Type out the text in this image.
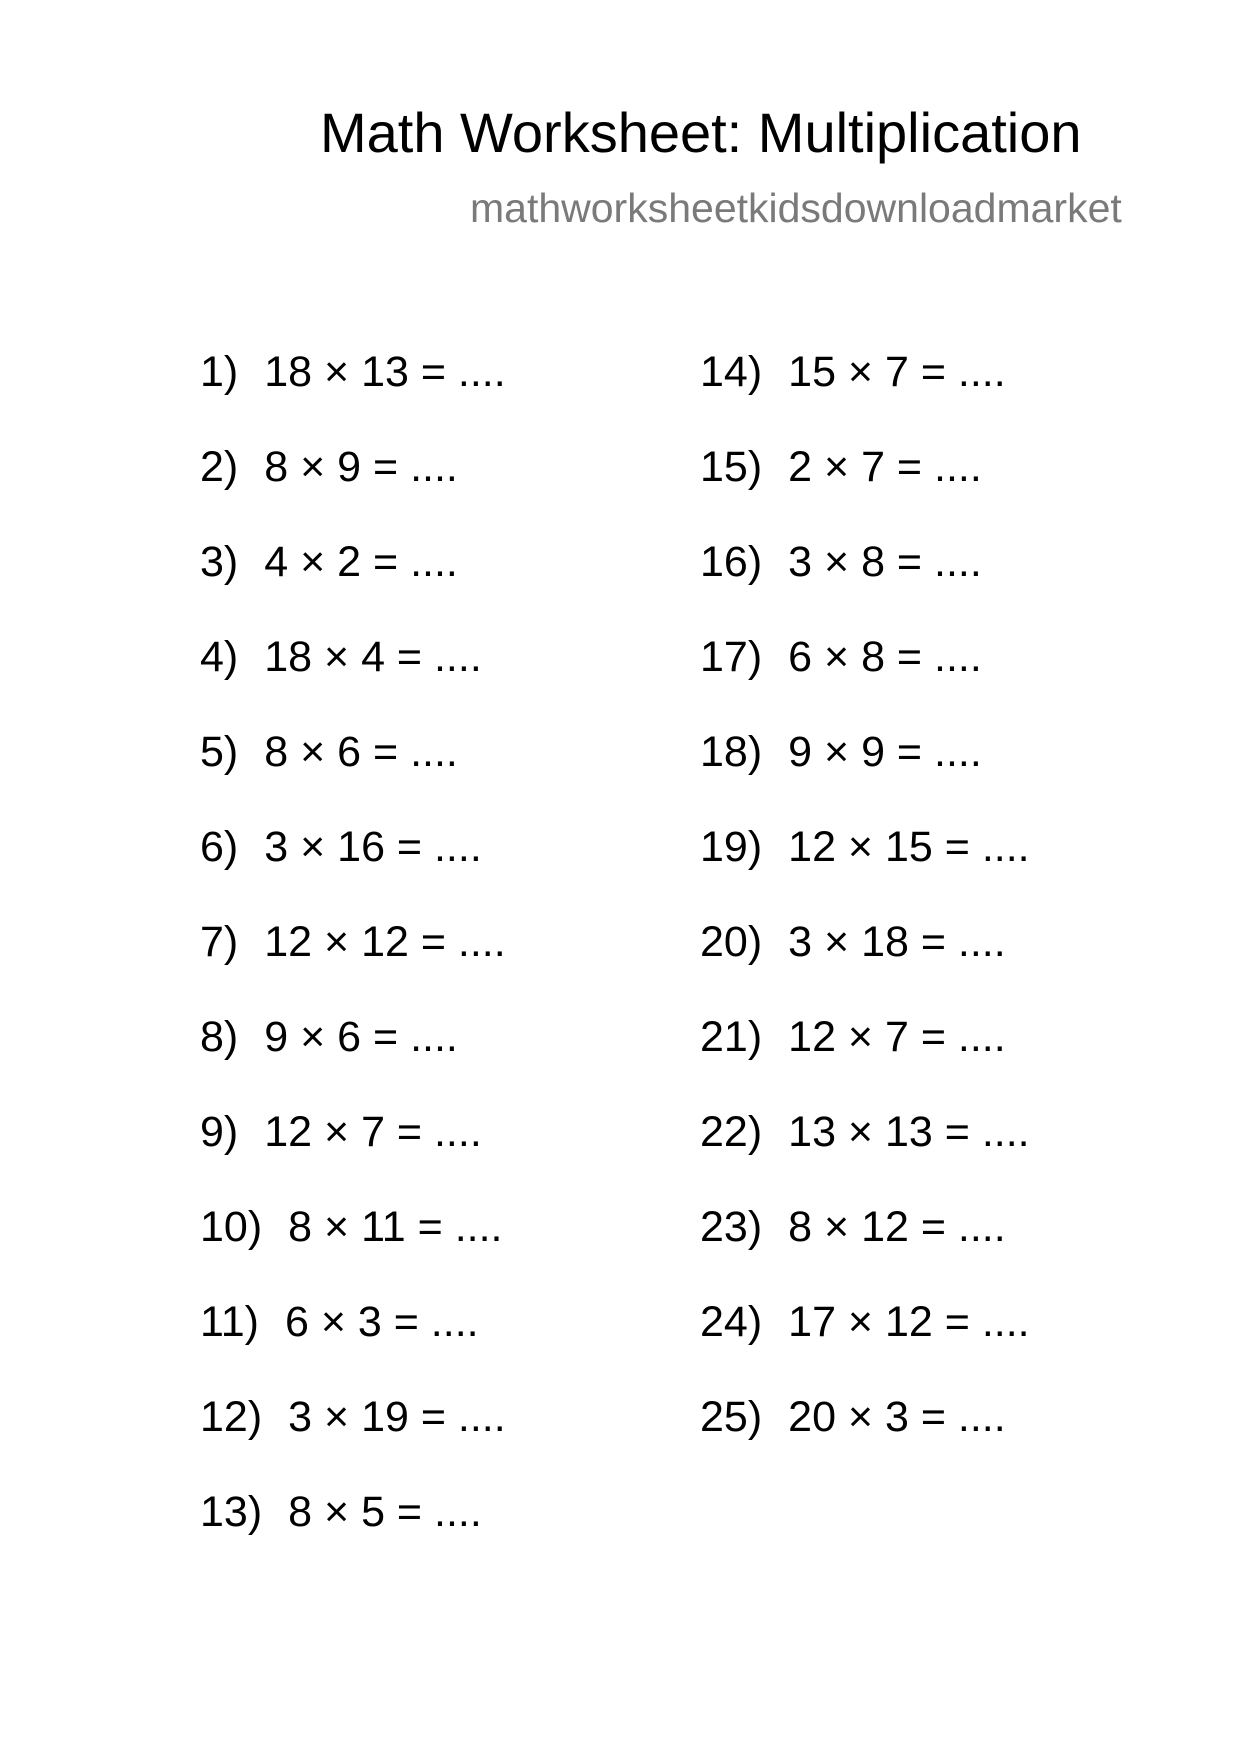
Math Worksheet: Multiplication
mathworksheetkidsdownloadmarket
1) 18 × 13 = ....
2) 8 × 9 = ....
3) 4 × 2 = ....
4) 18 × 4 = ....
5) 8 × 6 = ....
6) 3 × 16 = ....
7) 12 × 12 = ....
8) 9 × 6 = ....
9) 12 × 7 = ....
10) 8 × 11 = ....
11) 6 × 3 = ....
12) 3 × 19 = ....
13) 8 × 5 = ....
14) 15 × 7 = ....
15) 2 × 7 = ....
16) 3 × 8 = ....
17) 6 × 8 = ....
18) 9 × 9 = ....
19) 12 × 15 = ....
20) 3 × 18 = ....
21) 12 × 7 = ....
22) 13 × 13 = ....
23) 8 × 12 = ....
24) 17 × 12 = ....
25) 20 × 3 = ....
